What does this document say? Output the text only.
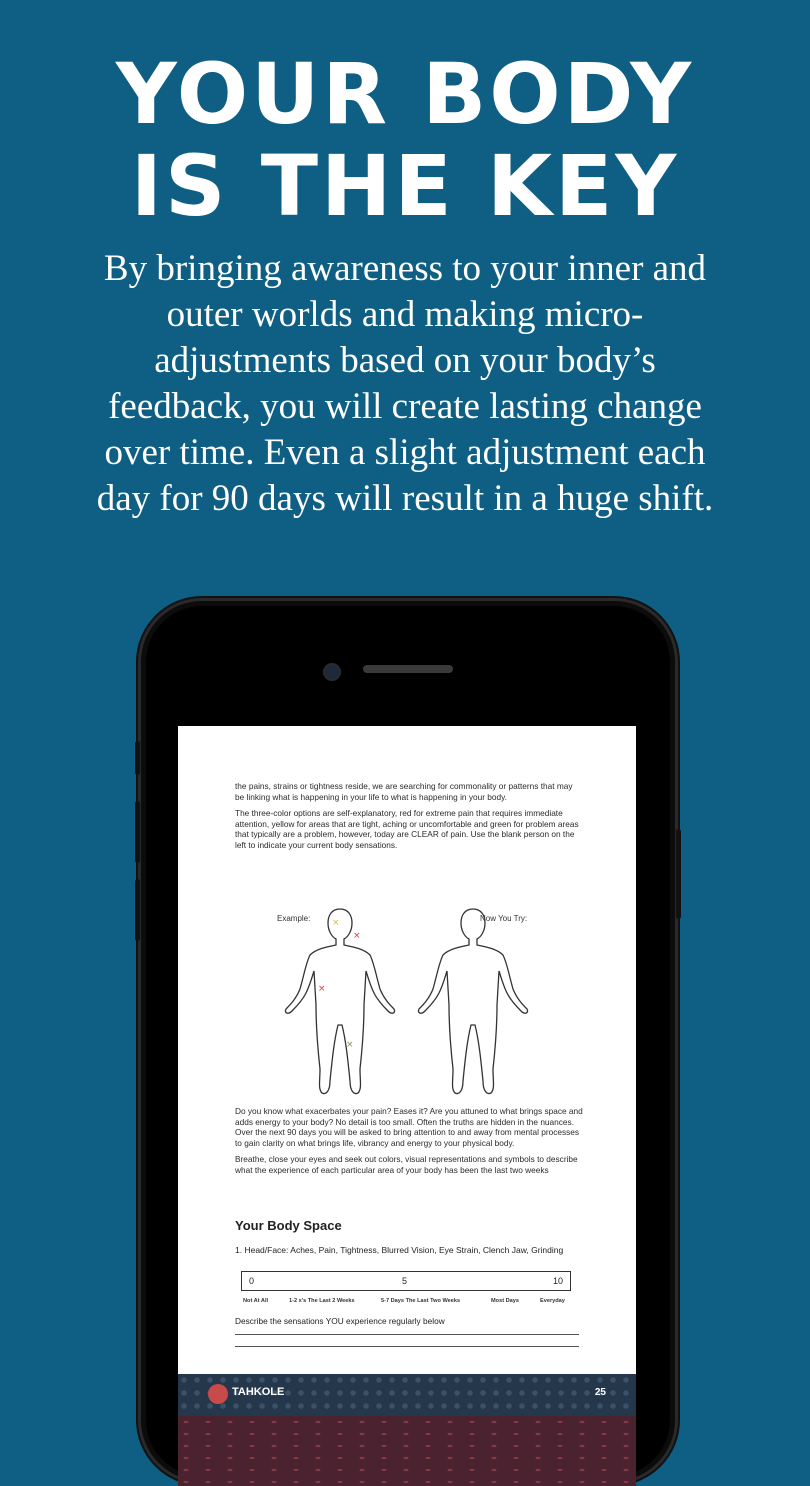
YOUR BODY
IS THE KEY
By bringing awareness to your inner and outer worlds and making micro-adjustments based on your body’s feedback, you will create lasting change over time. Even a slight adjustment each day for 90 days will result in a huge shift.

the pains, strains or tightness reside, we are searching for commonality or patterns that may be linking what is happening in your life to what is happening in your body.

The three-color options are self-explanatory, red for extreme pain that requires immediate attention, yellow for areas that are tight, aching or uncomfortable and green for problem areas that typically are a problem, however, today are CLEAR of pain. Use the blank person on the left to indicate your current body sensations.

Example:	Now You Try:
×
×
×
×

Do you know what exacerbates your pain? Eases it? Are you attuned to what brings space and adds energy to your body? No detail is too small. Often the truths are hidden in the nuances. Over the next 90 days you will be asked to bring attention to and away from mental processes to gain clarity on what brings life, vibrancy and energy to your physical body.

Breathe, close your eyes and seek out colors, visual representations and symbols to describe what the experience of each particular area of your body has been the last two weeks

Your Body Space
1. Head/Face: Aches, Pain, Tightness, Blurred Vision, Eye Strain, Clench Jaw, Grinding
0	5	10
Not At All	1-2 x's The Last 2 Weeks	5-7 Days The Last Two Weeks	Most Days	Everyday
Describe the sensations YOU experience regularly below
TAHKOLE	25
